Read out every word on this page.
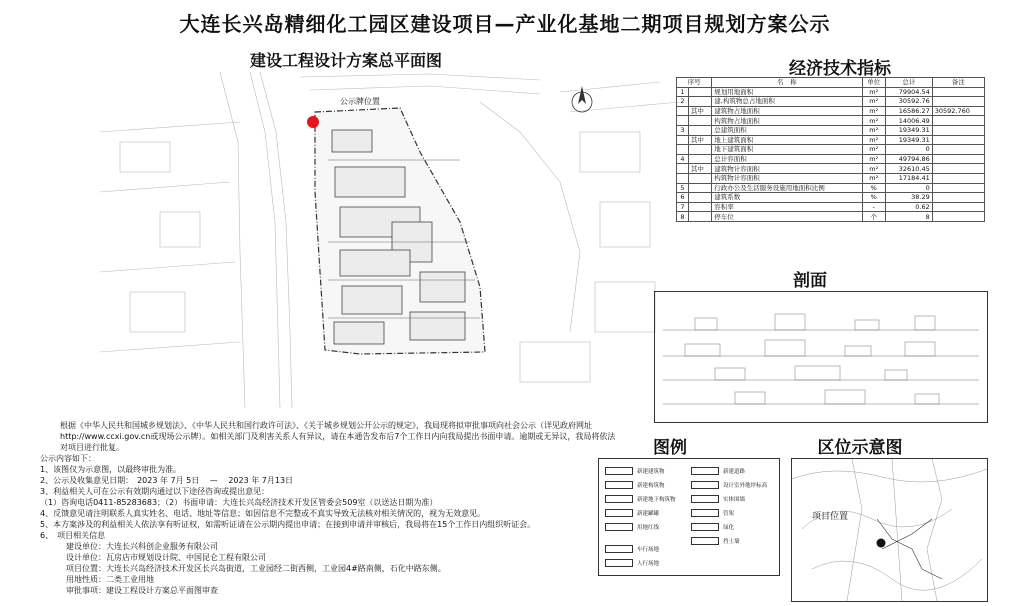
大连长兴岛精细化工园区建设项目—产业化基地二期项目规划方案公示
建设工程设计方案总平面图	经济技术指标
剖面
图例	区位示意图
公示牌位置
序号		名　称	单位	总计	备注
1		规划用地面积	m²	79904.54	
2		建,构筑物总占地面积	m²	30592.76	
	其中	建筑物占地面积	m²	16586.27	30592.760
		构筑物占地面积	m²	14006.49	
3		总建筑面积	m²	19349.31	
	其中	地上建筑面积	m²	19349.31	
		地下建筑面积	m²	0	
4		总计容面积	m²	49794.86	
	其中	建筑物计容面积	m²	32610.45	
		构筑物计容面积	m²	17184.41	
5		行政办公及生活服务设施用地面积比例	%	0	
6		建筑系数	%	38.29	
7		容积率	-	0.62	
8		停车位	个	8	
新建建筑物
新建构筑物
新建地下构筑物
新建罐罐
用地红线
新建道路
设计室外地坪标高
实体围墙
管架
绿化
挡土墙
车行场地
人行场地
项目位置

根据《中华人民共和国城乡规划法》、《中华人民共和国行政许可法》、《关于城乡规划公开公示的规定》，我局现将拟审批事项向社会公示（详见政府网址http://www.ccxi.gov.cn或现场公示牌）。如相关部门及利害关系人有异议，请在本通告发布后7个工作日内向我局提出书面申请。逾期或无异议，我局将依法对项目进行批复。

公示内容如下：

1、该图仅为示意图，以最终审批为准。

2、公示及收集意见日期：　2023 年 7月 5日　 — 　2023 年 7月13日

3、利益相关人可在公示有效期内通过以下途径咨询或提出意见：

（1）咨询电话0411-85283683；（2）书面申请：大连长兴岛经济技术开发区管委会509室（以送达日期为准）

4、反馈意见请注明联系人真实姓名、电话、地址等信息；如因信息不完整或不真实导致无法核对相关情况的，视为无效意见。

5、本方案涉及的利益相关人依法享有听证权，如需听证请在公示期内提出申请；在接到申请并审核后，我局将在15个工作日内组织听证会。

6、　项目相关信息

建设单位：大连长兴科创企业服务有限公司

设计单位：瓦房店市规划设计院、中国昆仑工程有限公司

项目位置：大连长兴岛经济技术开发区长兴岛街道，工业园经二街西侧，工业园4#路南侧，石化中路东侧。

用地性质：二类工业用地

审批事项：建设工程设计方案总平面图审查
